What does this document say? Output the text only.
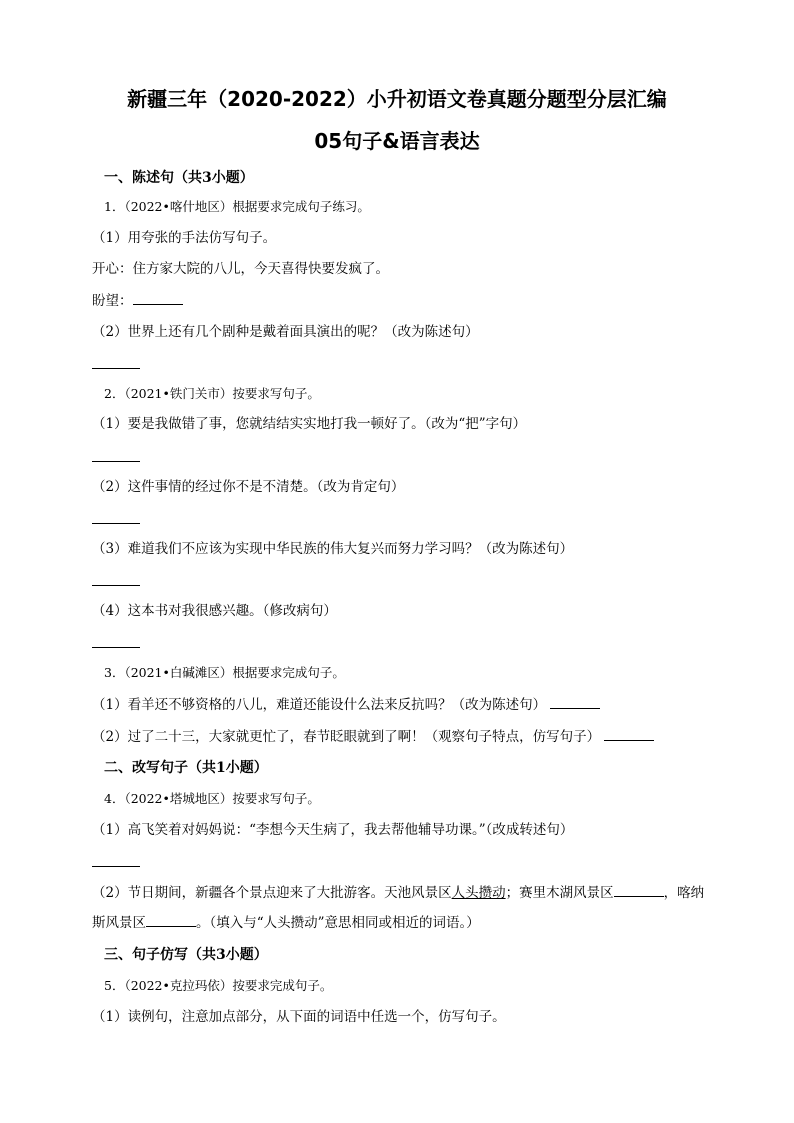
新疆三年（2020-2022）小升初语文卷真题分题型分层汇编
05句子&语言表达
一、陈述句（共3小题）
1．（2022•喀什地区）根据要求完成句子练习。
（1）用夸张的手法仿写句子。
开心：住方家大院的八儿，今天喜得快要发疯了。
盼望：
（2）世界上还有几个剧种是戴着面具演出的呢？（改为陈述句）
2．（2021•铁门关市）按要求写句子。
（1）要是我做错了事，您就结结实实地打我一顿好了。（改为“把”字句）
（2）这件事情的经过你不是不清楚。（改为肯定句）
（3）难道我们不应该为实现中华民族的伟大复兴而努力学习吗？（改为陈述句）
（4）这本书对我很感兴趣。（修改病句）
3．（2021•白碱滩区）根据要求完成句子。
（1）看羊还不够资格的八儿，难道还能设什么法来反抗吗？（改为陈述句）
（2）过了二十三，大家就更忙了，春节眨眼就到了啊！（观察句子特点，仿写句子）
二、改写句子（共1小题）
4．（2022•塔城地区）按要求写句子。
（1）高飞笑着对妈妈说：“李想今天生病了，我去帮他辅导功课。”（改成转述句）
（2）节日期间，新疆各个景点迎来了大批游客。天池风景区人头攒动；赛里木湖风景区	，喀纳
斯风景区	。（填入与“人头攒动”意思相同或相近的词语。）
三、句子仿写（共3小题）
5．（2022•克拉玛依）按要求完成句子。
（1）读例句，注意加点部分，从下面的词语中任选一个，仿写句子。
